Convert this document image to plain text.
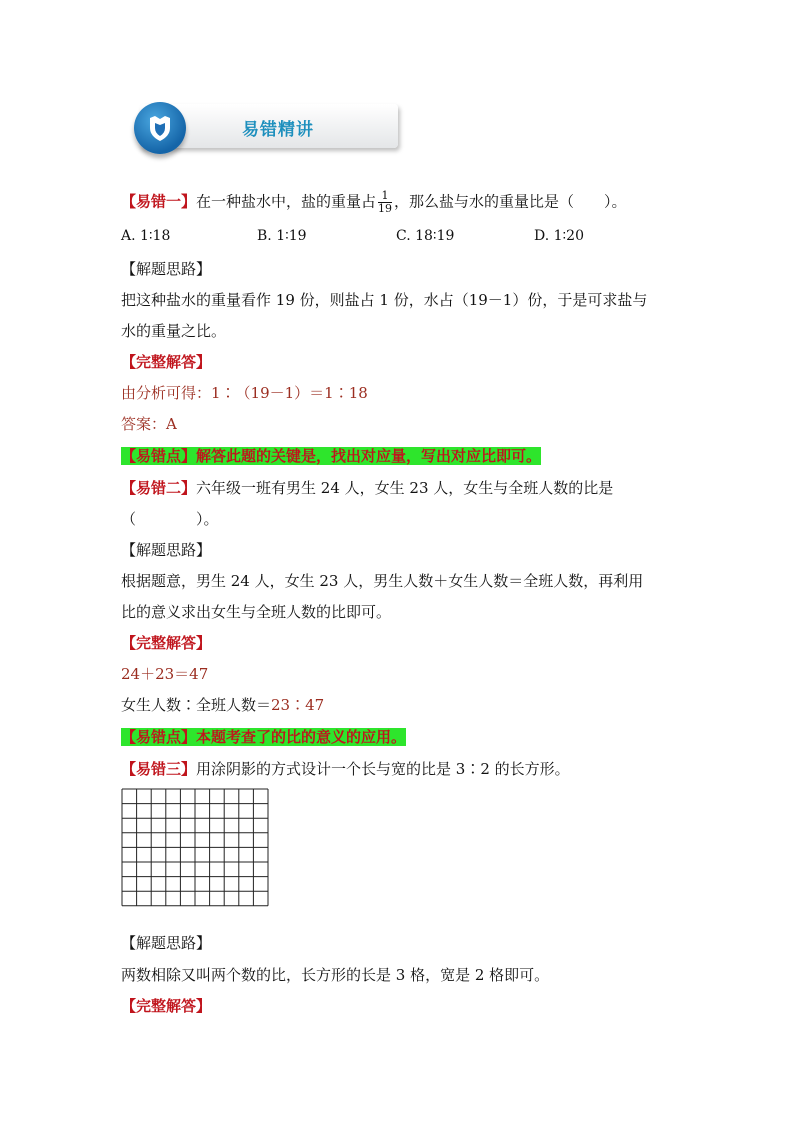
易错精讲
【易错一】在一种盐水中，盐的重量占 $\frac{1}{19}$ ，那么盐与水的重量比是（　　）。
A. 1∶18	B. 1∶19	C. 18∶19	D. 1∶20
【解题思路】
把这种盐水的重量看作 19 份，则盐占 1 份，水占（19－1）份，于是可求盐与
水的重量之比。
【完整解答】
由分析可得：1∶（19－1）＝1∶18
答案：A
【易错点】解答此题的关键是，找出对应量，写出对应比即可。
【易错二】六年级一班有男生 24 人，女生 23 人，女生与全班人数的比是
（　　　　）。
【解题思路】
根据题意，男生 24 人，女生 23 人，男生人数＋女生人数＝全班人数，再利用
比的意义求出女生与全班人数的比即可。
【完整解答】
24＋23＝47
女生人数∶全班人数＝23∶47
【易错点】本题考查了的比的意义的应用。
【易错三】用涂阴影的方式设计一个长与宽的比是 3∶2 的长方形。
【解题思路】
两数相除又叫两个数的比，长方形的长是 3 格，宽是 2 格即可。
【完整解答】
